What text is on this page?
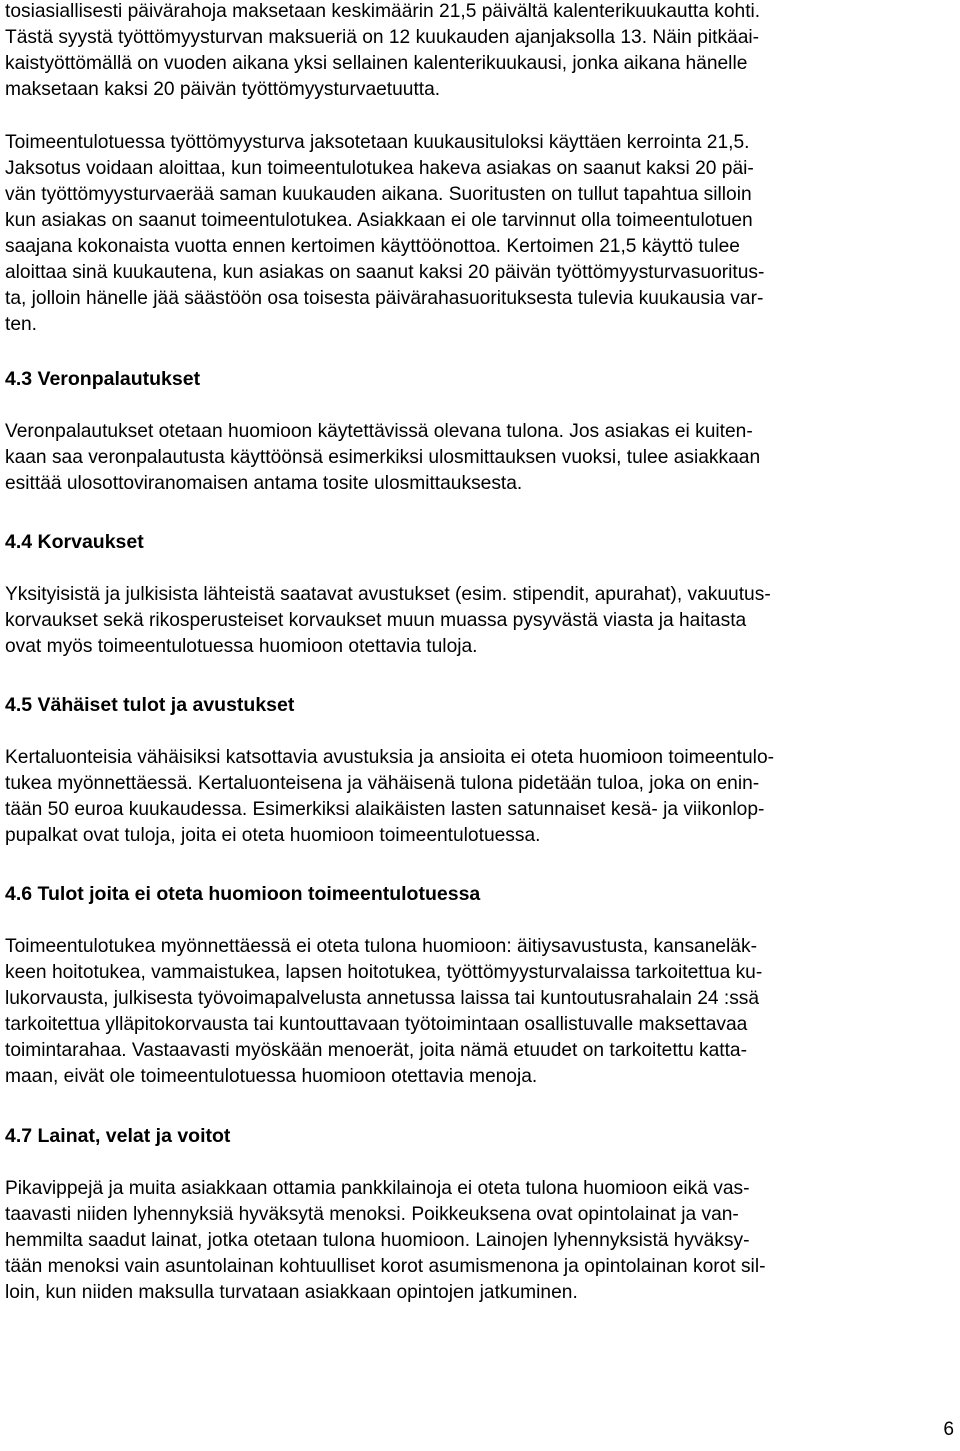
tosiasiallisesti päivärahoja maksetaan keskimäärin 21,5 päivältä kalenterikuukautta kohti.
Tästä syystä työttömyysturvan maksueriä on 12 kuukauden ajanjaksolla 13. Näin pitkäai-
kaistyöttömällä on vuoden aikana yksi sellainen kalenterikuukausi, jonka aikana hänelle
maksetaan kaksi 20 päivän työttömyysturvaetuutta.
Toimeentulotuessa työttömyysturva jaksotetaan kuukausituloksi käyttäen kerrointa 21,5.
Jaksotus voidaan aloittaa, kun toimeentulotukea hakeva asiakas on saanut kaksi 20 päi-
vän työttömyysturvaerää saman kuukauden aikana. Suoritusten on tullut tapahtua silloin
kun asiakas on saanut toimeentulotukea. Asiakkaan ei ole tarvinnut olla toimeentulotuen
saajana kokonaista vuotta ennen kertoimen käyttöönottoa. Kertoimen 21,5 käyttö tulee
aloittaa sinä kuukautena, kun asiakas on saanut kaksi 20 päivän työttömyysturvasuoritus-
ta, jolloin hänelle jää säästöön osa toisesta päivärahasuorituksesta tulevia kuukausia var-
ten.
4.3 Veronpalautukset
Veronpalautukset otetaan huomioon käytettävissä olevana tulona. Jos asiakas ei kuiten-
kaan saa veronpalautusta käyttöönsä esimerkiksi ulosmittauksen vuoksi, tulee asiakkaan
esittää ulosottoviranomaisen antama tosite ulosmittauksesta.
4.4 Korvaukset
Yksityisistä ja julkisista lähteistä saatavat avustukset (esim. stipendit, apurahat), vakuutus-
korvaukset sekä rikosperusteiset korvaukset muun muassa pysyvästä viasta ja haitasta
ovat myös toimeentulotuessa huomioon otettavia tuloja.
4.5 Vähäiset tulot ja avustukset
Kertaluonteisia vähäisiksi katsottavia avustuksia ja ansioita ei oteta huomioon toimeentulo-
tukea myönnettäessä. Kertaluonteisena ja vähäisenä tulona pidetään tuloa, joka on enin-
tään 50 euroa kuukaudessa. Esimerkiksi alaikäisten lasten satunnaiset kesä- ja viikonlop-
pupalkat ovat tuloja, joita ei oteta huomioon toimeentulotuessa.
4.6 Tulot joita ei oteta huomioon toimeentulotuessa
Toimeentulotukea myönnettäessä ei oteta tulona huomioon: äitiysavustusta, kansaneläk-
keen hoitotukea, vammaistukea, lapsen hoitotukea, työttömyysturvalaissa tarkoitettua ku-
lukorvausta, julkisesta työvoimapalvelusta annetussa laissa tai kuntoutusrahalain 24 :ssä
tarkoitettua ylläpitokorvausta tai kuntouttavaan työtoimintaan osallistuvalle maksettavaa
toimintarahaa. Vastaavasti myöskään menoerät, joita nämä etuudet on tarkoitettu katta-
maan, eivät ole toimeentulotuessa huomioon otettavia menoja.
4.7 Lainat, velat ja voitot
Pikavippejä ja muita asiakkaan ottamia pankkilainoja ei oteta tulona huomioon eikä vas-
taavasti niiden lyhennyksiä hyväksytä menoksi. Poikkeuksena ovat opintolainat ja van-
hemmilta saadut lainat, jotka otetaan tulona huomioon. Lainojen lyhennyksistä hyväksy-
tään menoksi vain asuntolainan kohtuulliset korot asumismenona ja opintolainan korot sil-
loin, kun niiden maksulla turvataan asiakkaan opintojen jatkuminen.
6
